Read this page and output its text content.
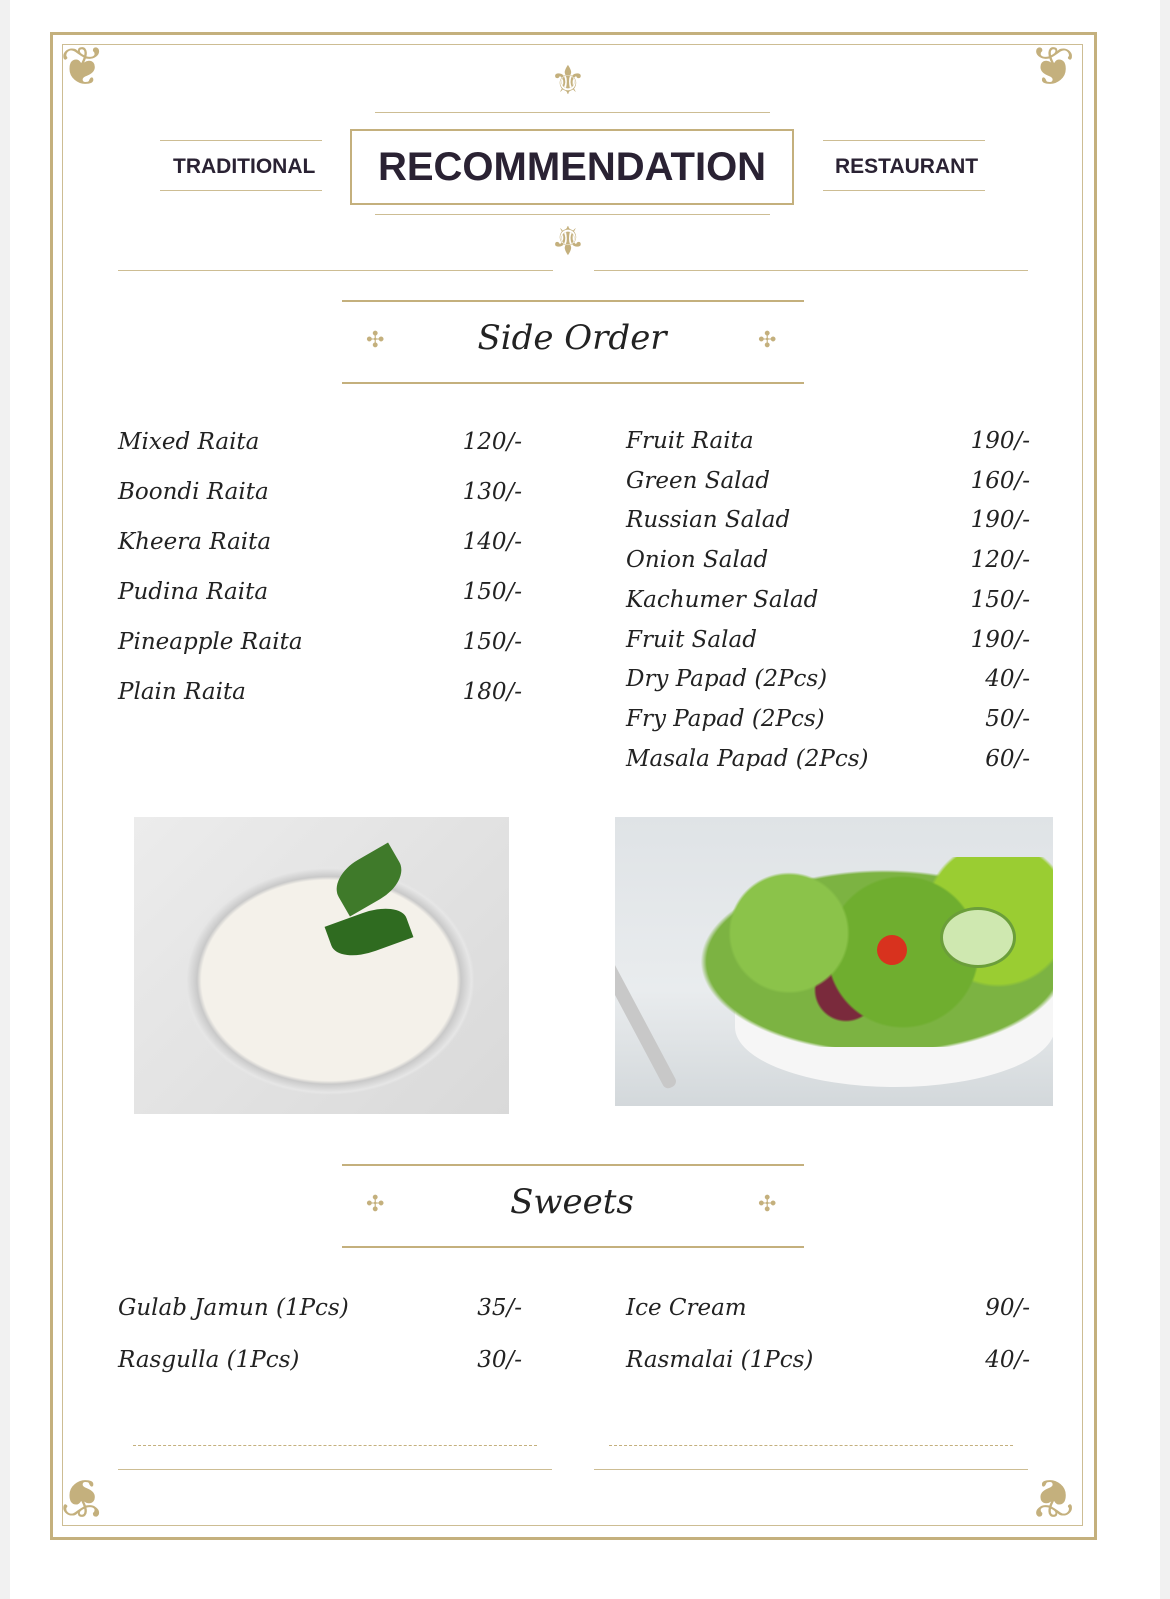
❦	❦
❦	❦
⚜
⚜
TRADITIONAL RECOMMENDATION	RESTAURANT
✣	Side Order	✣
Mixed Raita	120/-
Boondi Raita	130/-
Kheera Raita	140/-
Pudina Raita	150/-
Pineapple Raita	150/-
Plain Raita	180/-
Fruit Raita	190/-
Green Salad	160/-
Russian Salad	190/-
Onion Salad	120/-
Kachumer Salad	150/-
Fruit Salad	190/-
Dry Papad (2Pcs)	40/-
Fry Papad (2Pcs)	50/-
Masala Papad (2Pcs)	60/-
✣	Sweets	✣
Gulab Jamun (1Pcs)	35/-
Rasgulla (1Pcs)	30/-
Ice Cream	90/-
Rasmalai (1Pcs)	40/-
